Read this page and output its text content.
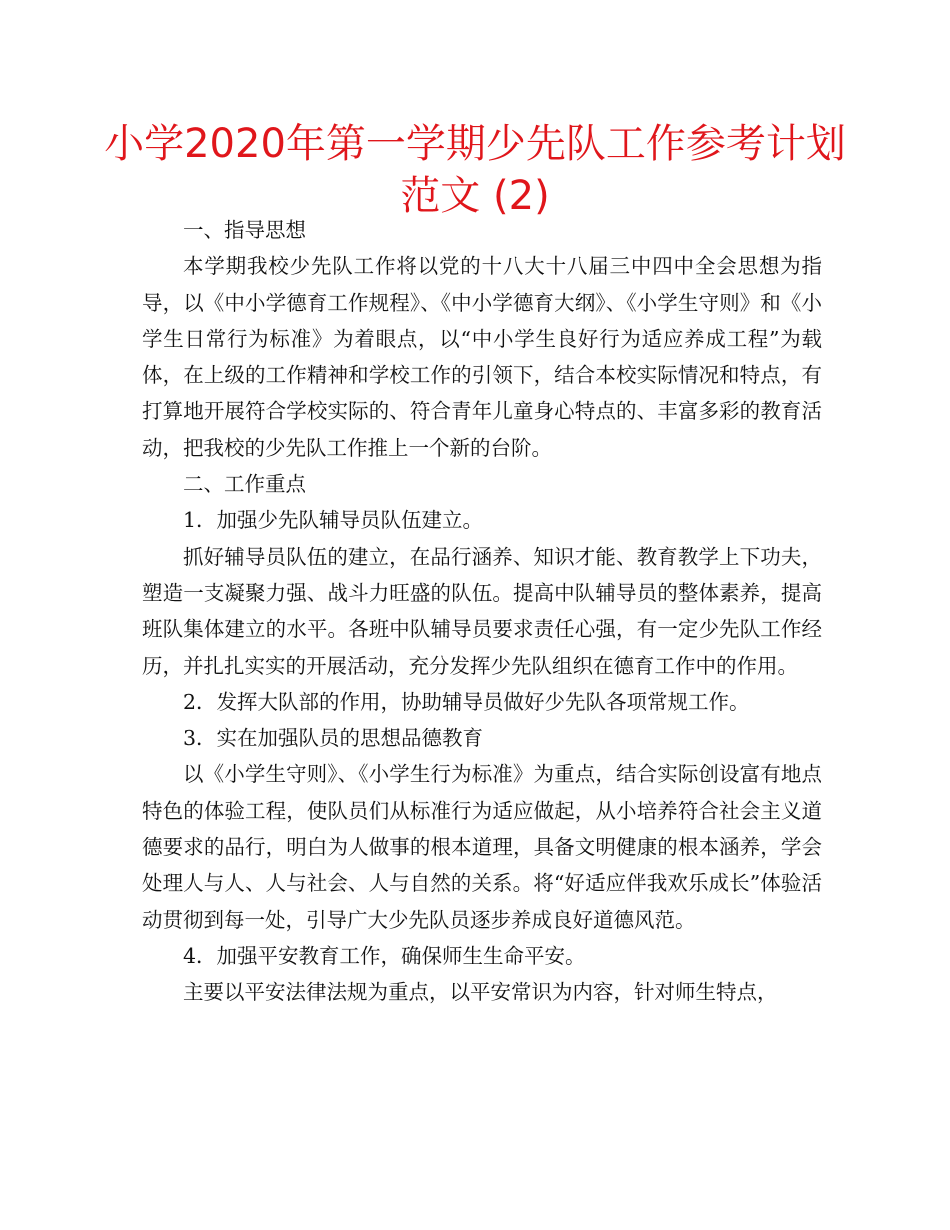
小学2020年第一学期少先队工作参考计划
范文 (2)

一、指导思想

本学期我校少先队工作将以党的十八大十八届三中四中全会思想为指导，以《中小学德育工作规程》、《中小学德育大纲》、《小学生守则》和《小学生日常行为标准》为着眼点，以“中小学生良好行为适应养成工程”为载体，在上级的工作精神和学校工作的引领下，结合本校实际情况和特点，有打算地开展符合学校实际的、符合青年儿童身心特点的、丰富多彩的教育活动，把我校的少先队工作推上一个新的台阶。

二、工作重点

1．加强少先队辅导员队伍建立。

抓好辅导员队伍的建立，在品行涵养、知识才能、教育教学上下功夫，塑造一支凝聚力强、战斗力旺盛的队伍。提高中队辅导员的整体素养，提高班队集体建立的水平。各班中队辅导员要求责任心强，有一定少先队工作经历，并扎扎实实的开展活动，充分发挥少先队组织在德育工作中的作用。

2．发挥大队部的作用，协助辅导员做好少先队各项常规工作。

3．实在加强队员的思想品德教育

以《小学生守则》、《小学生行为标准》为重点，结合实际创设富有地点特色的体验工程，使队员们从标准行为适应做起，从小培养符合社会主义道德要求的品行，明白为人做事的根本道理，具备文明健康的根本涵养，学会处理人与人、人与社会、人与自然的关系。将“好适应伴我欢乐成长”体验活动贯彻到每一处，引导广大少先队员逐步养成良好道德风范。

4．加强平安教育工作，确保师生生命平安。

主要以平安法律法规为重点，以平安常识为内容，针对师生特点，
